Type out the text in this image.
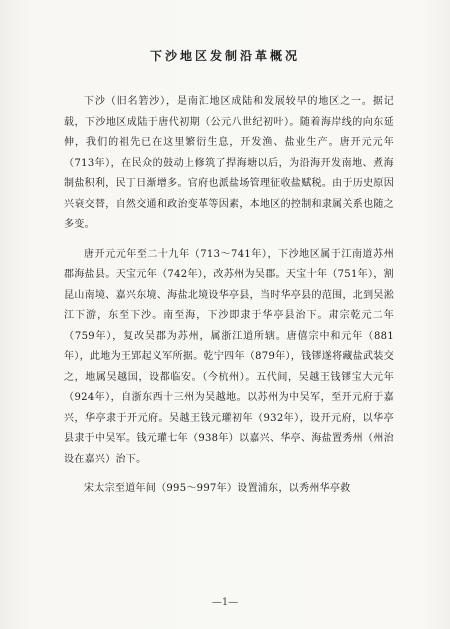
下沙地区发制沿革概况

下沙（旧名箬沙），是南汇地区成陆和发展较早的地区之一。据记载，下沙地区成陆于唐代初期（公元八世纪初叶）。随着海岸线的向东延伸，我们的祖先已在这里繁衍生息，开发渔、盐业生产。唐开元元年（713年），在民众的鼓动上修筑了捍海塘以后，为沿海开发南地、煮海制盐积利，民丁日渐增多。官府也派盐场管理征收盐赋税。由于历史原因兴衰交替，自然交通和政治变革等因素，本地区的控制和隶属关系也随之多变。

唐开元元年至二十九年（713～741年），下沙地区属于江南道苏州郡海盐县。天宝元年（742年），改苏州为吴郡。天宝十年（751年），割昆山南境、嘉兴东境、海盐北境设华亭县，当时华亭县的范围，北到吴淞江下游，东至下沙。南至海，下沙即隶于华亭县治下。肃宗乾元二年（759年），复改吴郡为苏州，属浙江道所辖。唐僖宗中和元年（881年），此地为王郢起义军所据。乾宁四年（879年），钱镠遂将藏盐武装交之，地属吴越国，设都临安。（今杭州）。五代间，吴越王钱镠宝大元年（924年），自浙东西十三州为吴越地。以苏州为中吴军，至开元府于嘉兴，华亭隶于开元府。吴越王钱元瓘初年（932年），设开元府，以华亭县隶于中吴军。钱元瓘七年（938年）以嘉兴、华亭、海盐置秀州（州治设在嘉兴）治下。

宋太宗至道年间（995～997年）设置浦东，以秀州华亭救

—1—
